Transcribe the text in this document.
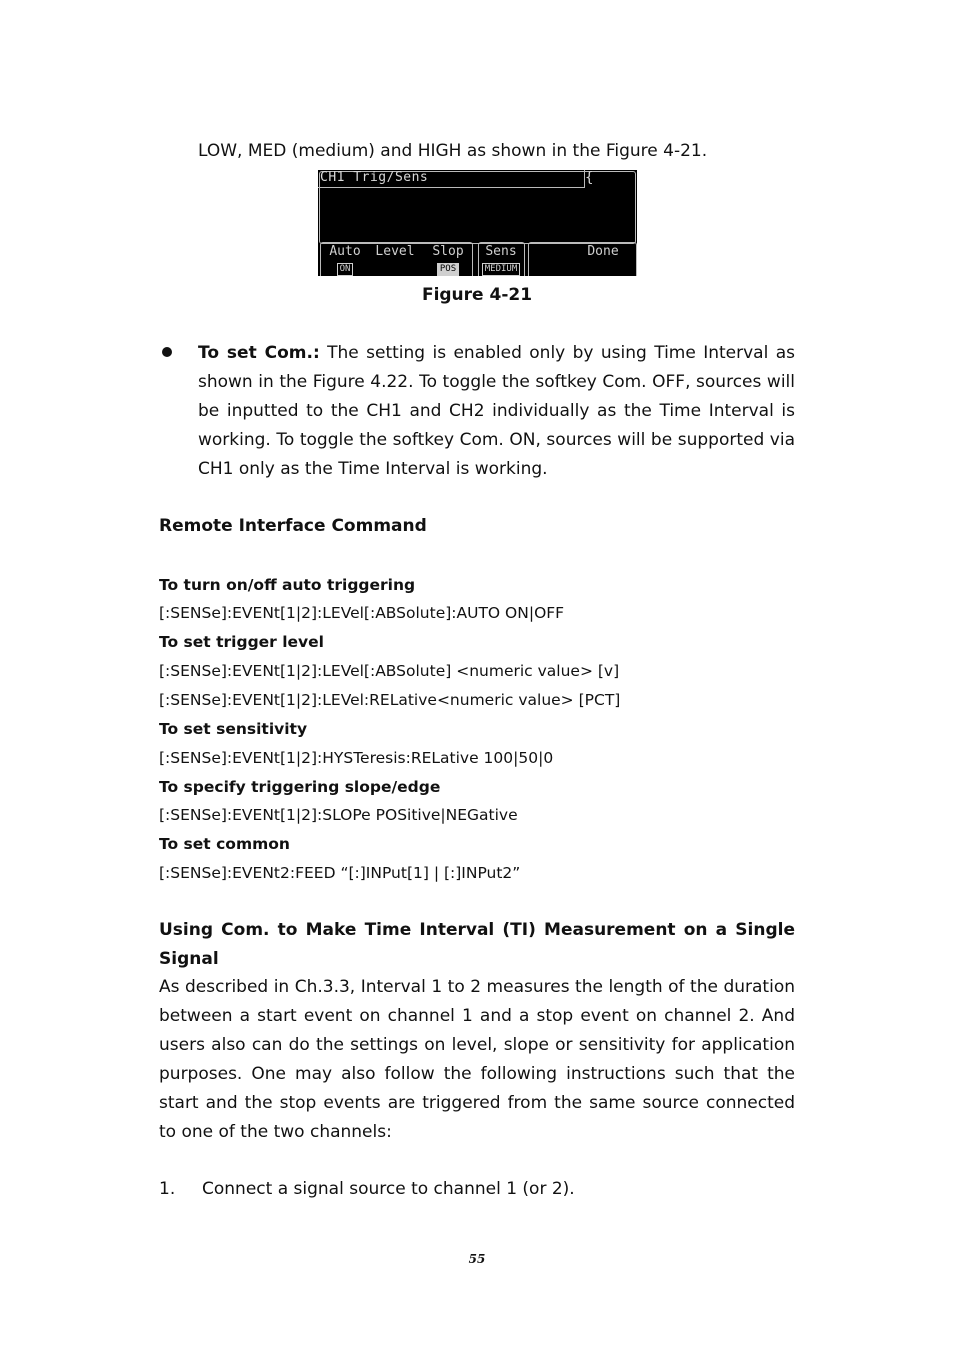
LOW, MED (medium) and HIGH as shown in the Figure 4-21.
CH1 Trig/Sens	{
Auto
ON
Level	Slop
POS
Sens
MEDIUM
Done
Figure 4-21
To set Com.: The setting is enabled only by using Time Interval as shown in the Figure 4.22. To toggle the softkey Com. OFF, sources will be inputted to the CH1 and CH2 individually as the Time Interval is working. To toggle the softkey Com. ON, sources will be supported via CH1 only as the Time Interval is working.
Remote Interface Command
To turn on/off auto triggering
[:SENSe]:EVENt[1|2]:LEVel[:ABSolute]:AUTO ON|OFF
To set trigger level
[:SENSe]:EVENt[1|2]:LEVel[:ABSolute] <numeric value> [v]
[:SENSe]:EVENt[1|2]:LEVel:RELative<numeric value> [PCT]
To set sensitivity
[:SENSe]:EVENt[1|2]:HYSTeresis:RELative 100|50|0
To specify triggering slope/edge
[:SENSe]:EVENt[1|2]:SLOPe POSitive|NEGative
To set common
[:SENSe]:EVENt2:FEED “[:]INPut[1] | [:]INPut2”
Using Com. to Make Time Interval (TI) Measurement on a Single Signal
As described in Ch.3.3, Interval 1 to 2 measures the length of the duration between a start event on channel 1 and a stop event on channel 2. And users also can do the settings on level, slope or sensitivity for application purposes. One may also follow the following instructions such that the start and the stop events are triggered from the same source connected to one of the two channels:
1. Connect a signal source to channel 1 (or 2).
55
